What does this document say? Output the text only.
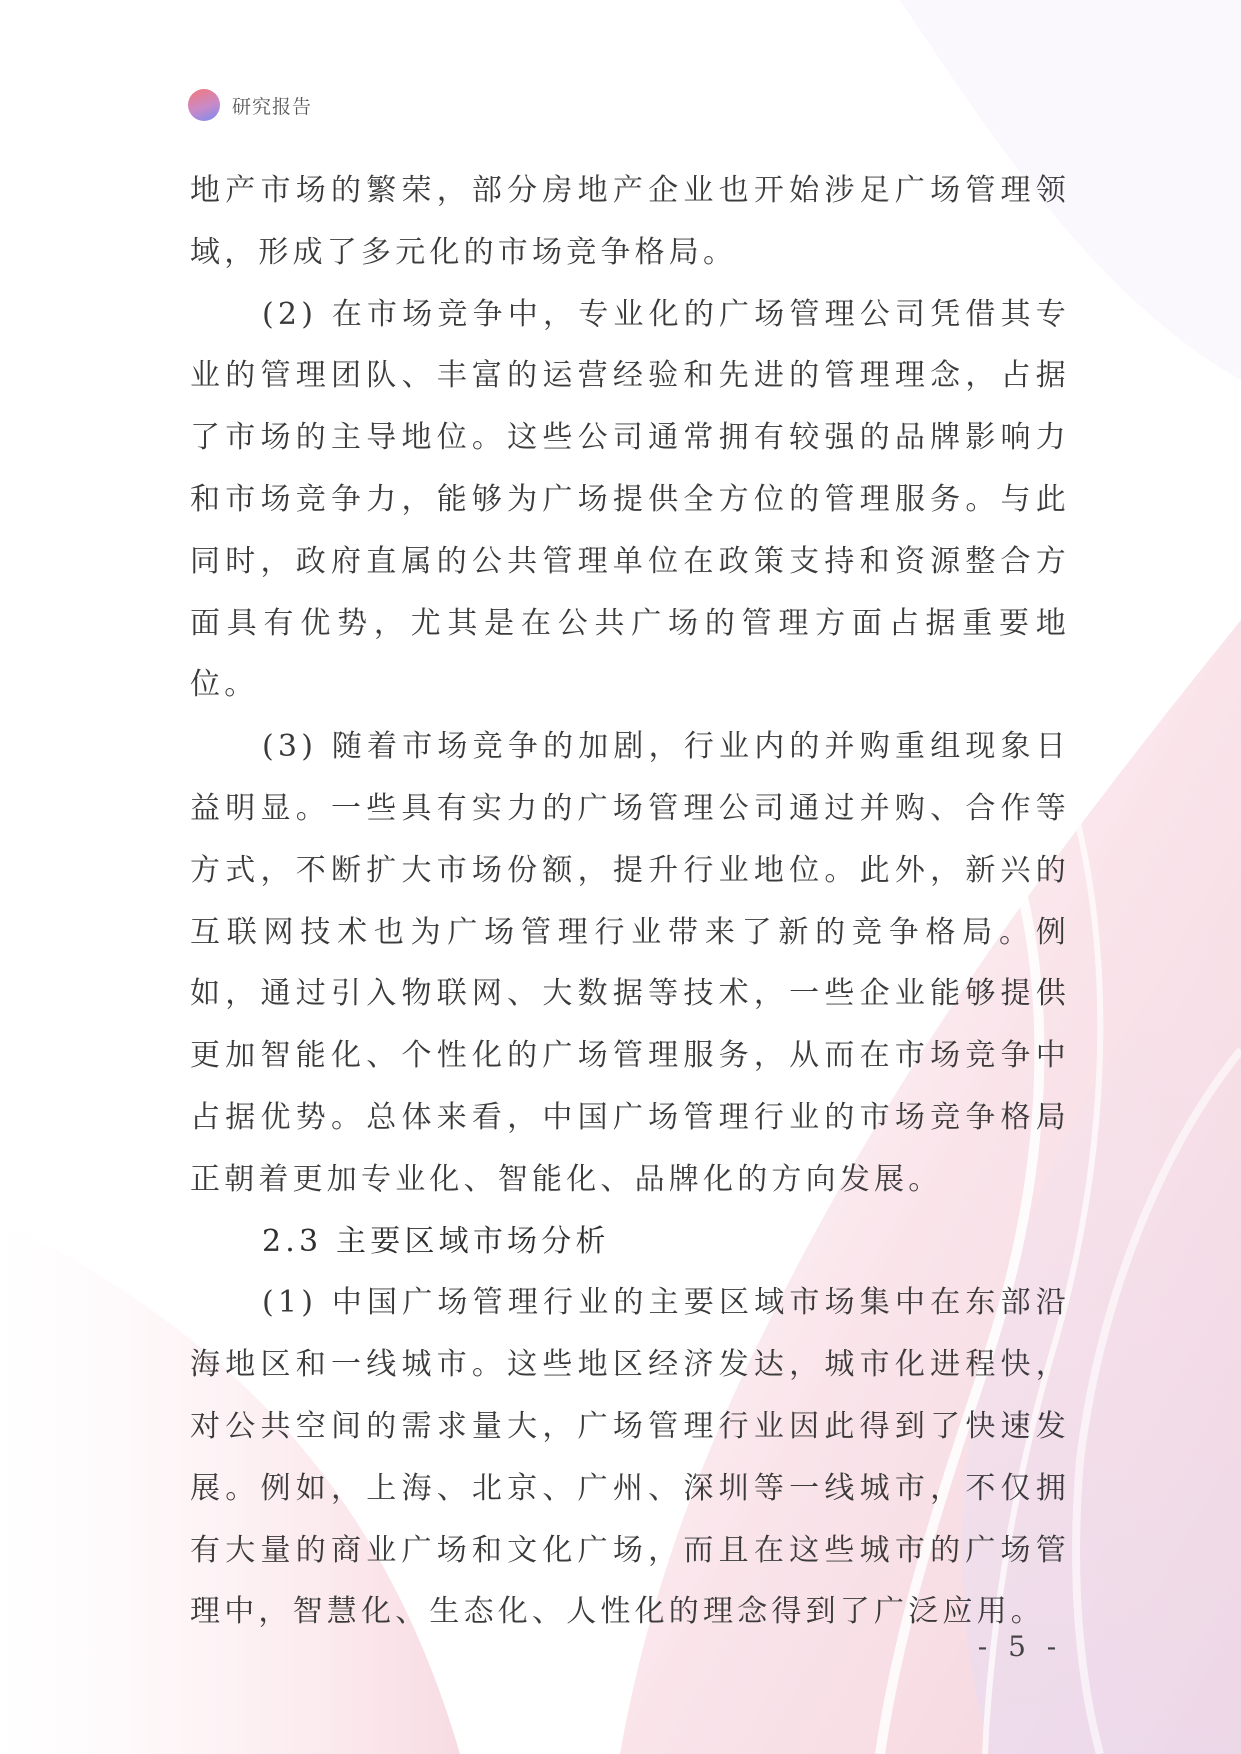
研究报告

地产市场的繁荣，部分房地产企业也开始涉足广场管理领域，形成了多元化的市场竞争格局。

(2) 在市场竞争中，专业化的广场管理公司凭借其专业的管理团队、丰富的运营经验和先进的管理理念，占据了市场的主导地位。这些公司通常拥有较强的品牌影响力和市场竞争力，能够为广场提供全方位的管理服务。与此同时，政府直属的公共管理单位在政策支持和资源整合方面具有优势，尤其是在公共广场的管理方面占据重要地位。

(3) 随着市场竞争的加剧，行业内的并购重组现象日益明显。一些具有实力的广场管理公司通过并购、合作等方式，不断扩大市场份额，提升行业地位。此外，新兴的互联网技术也为广场管理行业带来了新的竞争格局。例如，通过引入物联网、大数据等技术，一些企业能够提供更加智能化、个性化的广场管理服务，从而在市场竞争中占据优势。总体来看，中国广场管理行业的市场竞争格局正朝着更加专业化、智能化、品牌化的方向发展。

2.3 主要区域市场分析

(1) 中国广场管理行业的主要区域市场集中在东部沿海地区和一线城市。这些地区经济发达，城市化进程快，对公共空间的需求量大，广场管理行业因此得到了快速发展。例如，上海、北京、广州、深圳等一线城市，不仅拥有大量的商业广场和文化广场，而且在这些城市的广场管理中，智慧化、生态化、人性化的理念得到了广泛应用。

- 5 -
